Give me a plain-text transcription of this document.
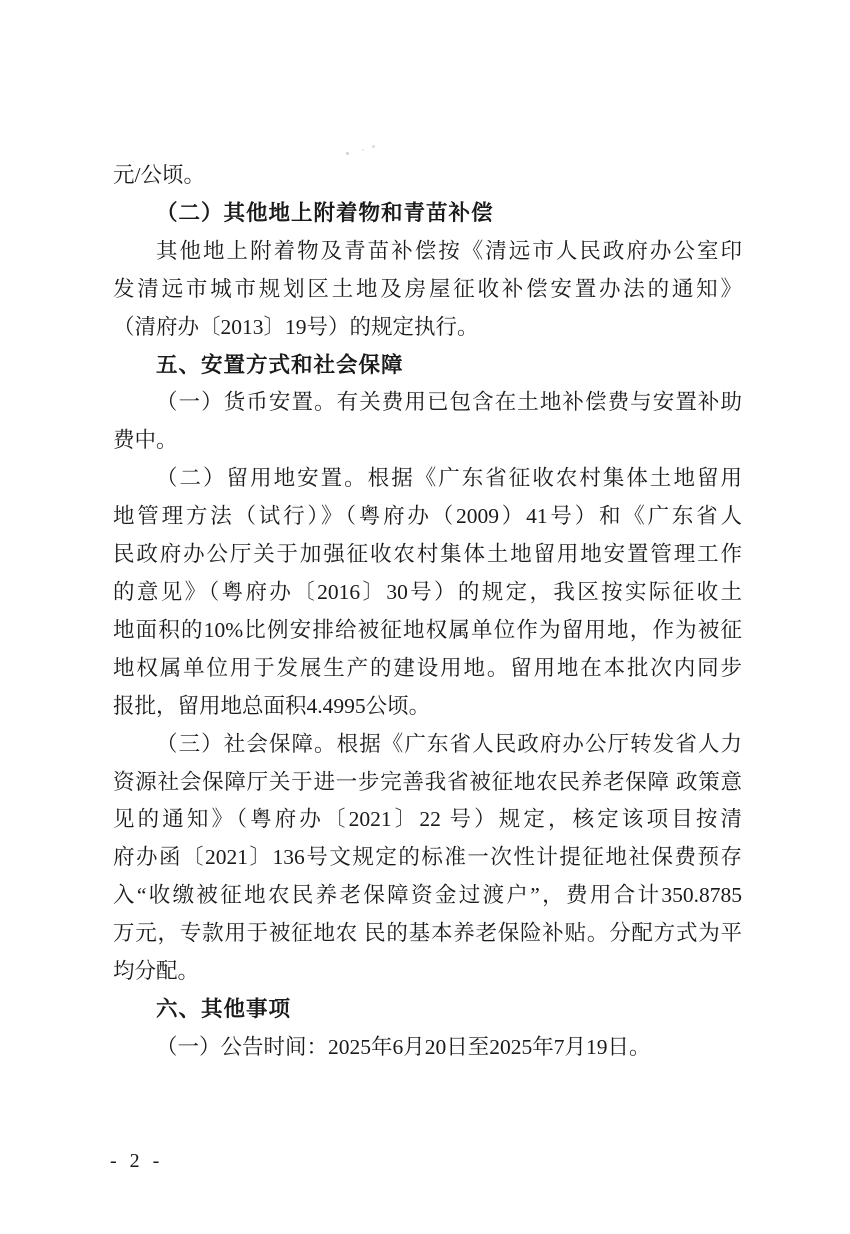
元/公顷。
（二）其他地上附着物和青苗补偿
其他地上附着物及青苗补偿按《清远市人民政府办公室印
发清远市城市规划区土地及房屋征收补偿安置办法的通知》
（清府办〔2013〕19号）的规定执行。
五、安置方式和社会保障
（一）货币安置。有关费用已包含在土地补偿费与安置补助
费中。
（二）留用地安置。根据《广东省征收农村集体土地留用
地管理方法（试行）》（粤府办（2009）41号）和《广东省人
民政府办公厅关于加强征收农村集体土地留用地安置管理工作
的意见》（粤府办〔2016〕30号）的规定，我区按实际征收土
地面积的10%比例安排给被征地权属单位作为留用地，作为被征
地权属单位用于发展生产的建设用地。留用地在本批次内同步
报批，留用地总面积4.4995公顷。
（三）社会保障。根据《广东省人民政府办公厅转发省人力
资源社会保障厅关于进一步完善我省被征地农民养老保障 政策意
见的通知》（粤府办〔2021〕22 号）规定，核定该项目按清
府办函〔2021〕136号文规定的标准一次性计提征地社保费预存
入“收缴被征地农民养老保障资金过渡户”，费用合计350.8785
万元，专款用于被征地农 民的基本养老保险补贴。分配方式为平
均分配。
六、其他事项
（一）公告时间：2025年6月20日至2025年7月19日。
- 2 -
